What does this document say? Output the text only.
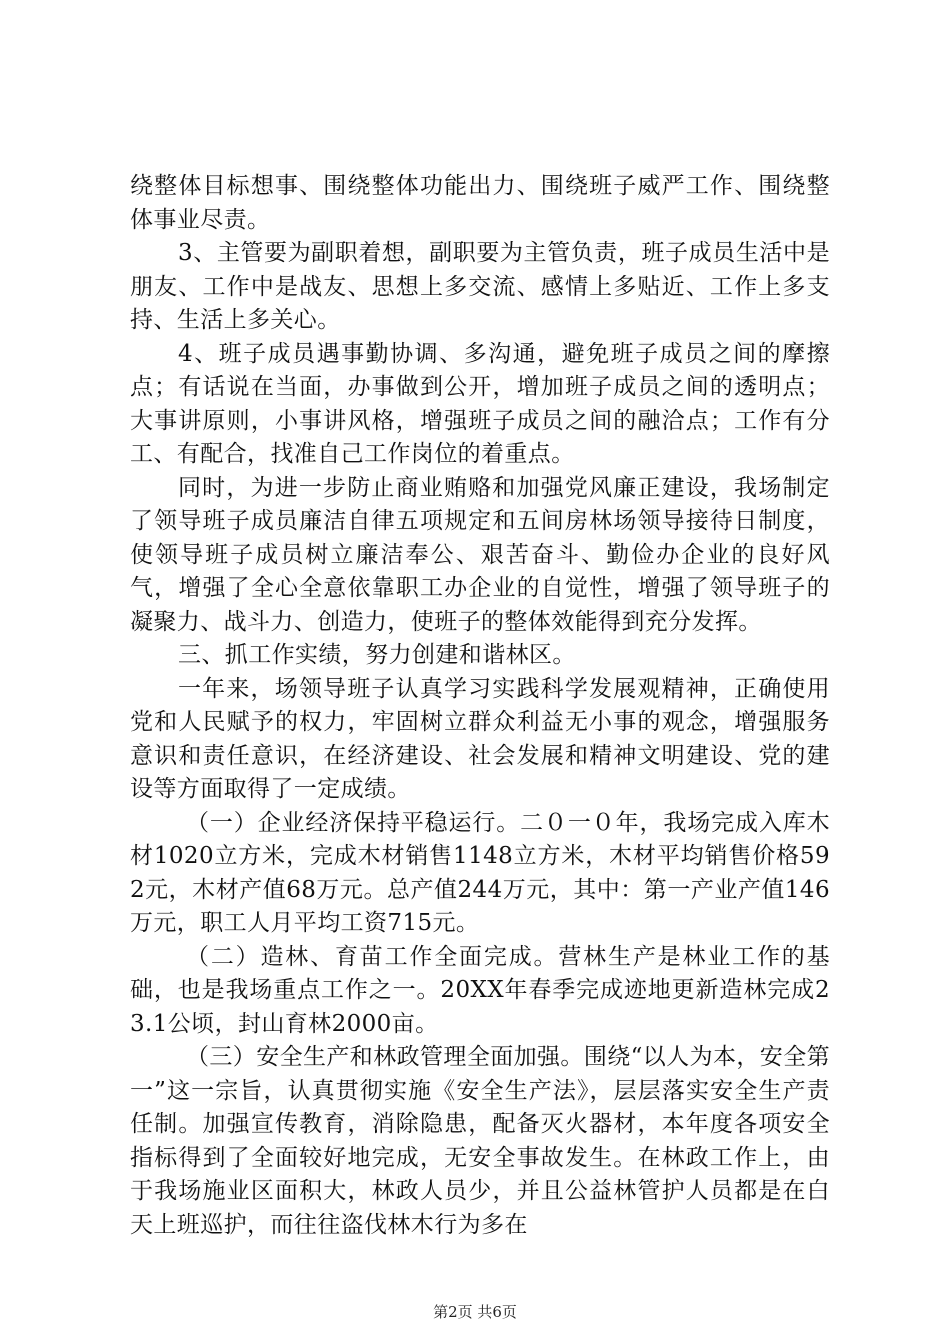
绕整体目标想事、围绕整体功能出力、围绕班子威严工作、围绕整体事业尽责。

3、主管要为副职着想，副职要为主管负责，班子成员生活中是朋友、工作中是战友、思想上多交流、感情上多贴近、工作上多支持、生活上多关心。

4、班子成员遇事勤协调、多沟通，避免班子成员之间的摩擦点；有话说在当面，办事做到公开，增加班子成员之间的透明点；大事讲原则，小事讲风格，增强班子成员之间的融洽点；工作有分工、有配合，找准自己工作岗位的着重点。

同时，为进一步防止商业贿赂和加强党风廉正建设，我场制定了领导班子成员廉洁自律五项规定和五间房林场领导接待日制度，使领导班子成员树立廉洁奉公、艰苦奋斗、勤俭办企业的良好风气，增强了全心全意依靠职工办企业的自觉性，增强了领导班子的凝聚力、战斗力、创造力，使班子的整体效能得到充分发挥。

三、抓工作实绩，努力创建和谐林区。

一年来，场领导班子认真学习实践科学发展观精神，正确使用党和人民赋予的权力，牢固树立群众利益无小事的观念，增强服务意识和责任意识，在经济建设、社会发展和精神文明建设、党的建设等方面取得了一定成绩。

（一）企业经济保持平稳运行。二０一０年，我场完成入库木材1020立方米，完成木材销售1148立方米，木材平均销售价格592元，木材产值68万元。总产值244万元，其中：第一产业产值146万元，职工人月平均工资715元。

（二）造林、育苗工作全面完成。营林生产是林业工作的基础，也是我场重点工作之一。20XX年春季完成迹地更新造林完成23.1公顷，封山育林2000亩。

（三）安全生产和林政管理全面加强。围绕“以人为本，安全第一”这一宗旨，认真贯彻实施《安全生产法》，层层落实安全生产责任制。加强宣传教育，消除隐患，配备灭火器材，本年度各项安全指标得到了全面较好地完成，无安全事故发生。在林政工作上，由于我场施业区面积大，林政人员少，并且公益林管护人员都是在白天上班巡护，而往往盗伐林木行为多在

第2页 共6页
